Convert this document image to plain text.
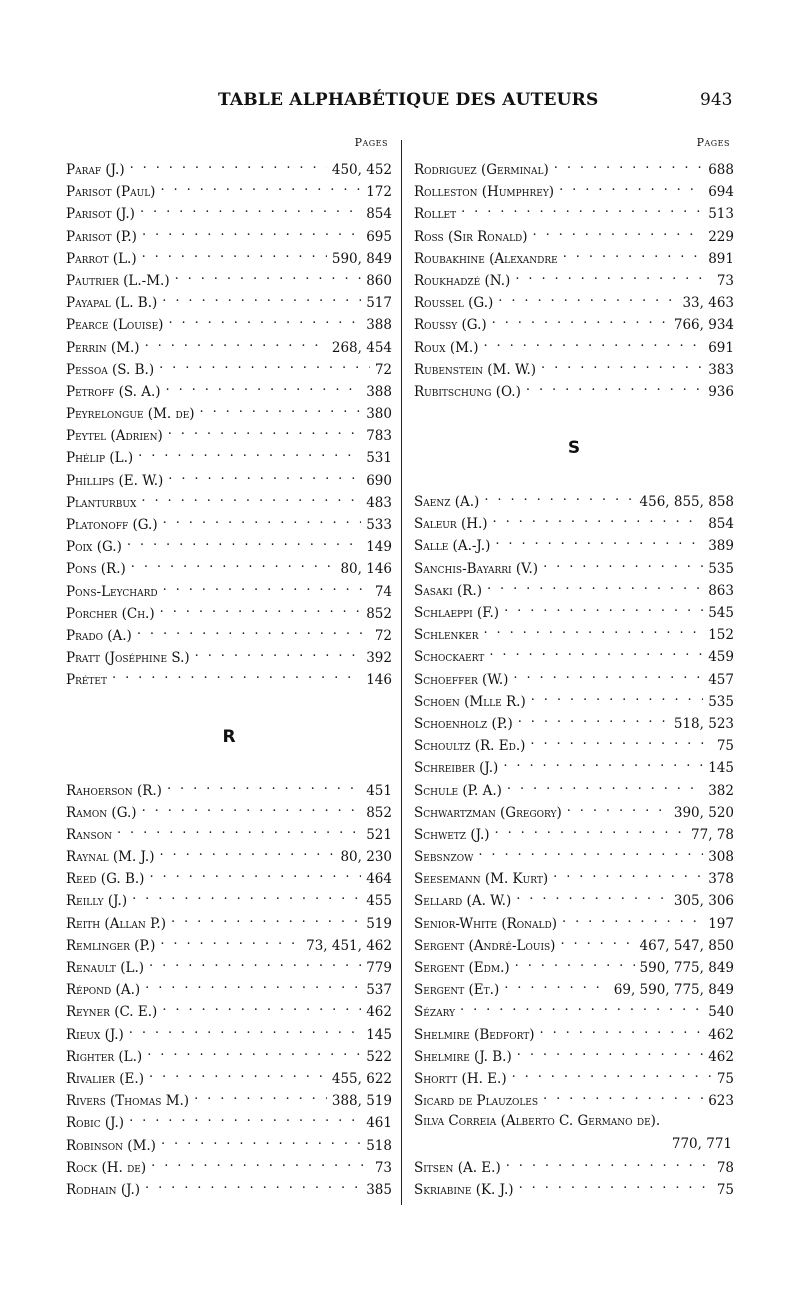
TABLE ALPHABÉTIQUE DES AUTEURS	943
Pages
Paraf (J.) . . .	450, 452
Parisot (Paul) . . .	172
Parisot (J.) . . .	854
Parisot (P.) . . .	695
Parrot (L.) . . .	590, 849
Pautrier (L.-M.) . . .	860
Payapal (L. B.) . . .	517
Pearce (Louise) . . .	388
Perrin (M.) . . .	268, 454
Pessoa (S. B.) . . .	72
Petroff (S. A.) . . .	388
Peyrelongue (M. de) . . .	380
Peytel (Adrien) . . .	783
Phélip (L.) . . .	531
Phillips (E. W.) . . .	690
Planturbux . . .	483
Platonoff (G.) . . .	533
Poix (G.) . . .	149
Pons (R.) . . .	80, 146
Pons-Leychard . . .	74
Porcher (Ch.) . . .	852
Prado (A.) . . .	72
Pratt (Joséphine S.) . . .	392
Prétet . . .	146
R
Rahoerson (R.) . . .	451
Ramon (G.) . . .	852
Ranson . . .	521
Raynal (M. J.) . . .	80, 230
Reed (G. B.) . . .	464
Reilly (J.) . . .	455
Reith (Allan P.) . . .	519
Remlinger (P.) . . .	73, 451, 462
Renault (L.) . . .	779
Répond (A.) . . .	537
Reyner (C. E.) . . .	462
Rieux (J.) . . .	145
Righter (L.) . . .	522
Rivalier (E.) . . .	455, 622
Rivers (Thomas M.) . . .	388, 519
Robic (J.) . . .	461
Robinson (M.) . . .	518
Rock (H. de) . . .	73
Rodhain (J.) . . .	385
Pages
Rodriguez (Germinal) . . .	688
Rolleston (Humphrey) . . .	694
Rollet . . .	513
Ross (Sir Ronald) . . .	229
Roubakhine (Alexandre . . .	891
Roukhadzé (N.) . . .	73
Roussel (G.) . . .	33, 463
Roussy (G.) . . .	766, 934
Roux (M.) . . .	691
Rubenstein (M. W.) . . .	383
Rubitschung (O.) . . .	936
S
Saenz (A.) . . .	456, 855, 858
Saleur (H.) . . .	854
Salle (A.-J.) . . .	389
Sanchis-Bayarri (V.) . . .	535
Sasaki (R.) . . .	863
Schlaeppi (F.) . . .	545
Schlenker . . .	152
Schockaert . . .	459
Schoeffer (W.) . . .	457
Schoen (Mlle R.) . . .	535
Schoenholz (P.) . . .	518, 523
Schoultz (R. Ed.) . . .	75
Schreiber (J.) . . .	145
Schule (P. A.) . . .	382
Schwartzman (Gregory) . . .	390, 520
Schwetz (J.) . . .	77, 78
Sebsnzow . . .	308
Seesemann (M. Kurt) . . .	378
Sellard (A. W.) . . .	305, 306
Senior-White (Ronald) . . .	197
Sergent (André-Louis) . . .	467, 547, 850
Sergent (Edm.) . . .	590, 775, 849
Sergent (Et.) . . .	69, 590, 775, 849
Sézary . . .	540
Shelmire (Bedfort) . . .	462
Shelmire (J. B.) . . .	462
Shortt (H. E.) . . .	75
Sicard de Plauzoles . . .	623
Silva Correia (Alberto C. Germano de).
770, 771
Sitsen (A. E.) . . .	78
Skriabine (K. J.) . . .	75
